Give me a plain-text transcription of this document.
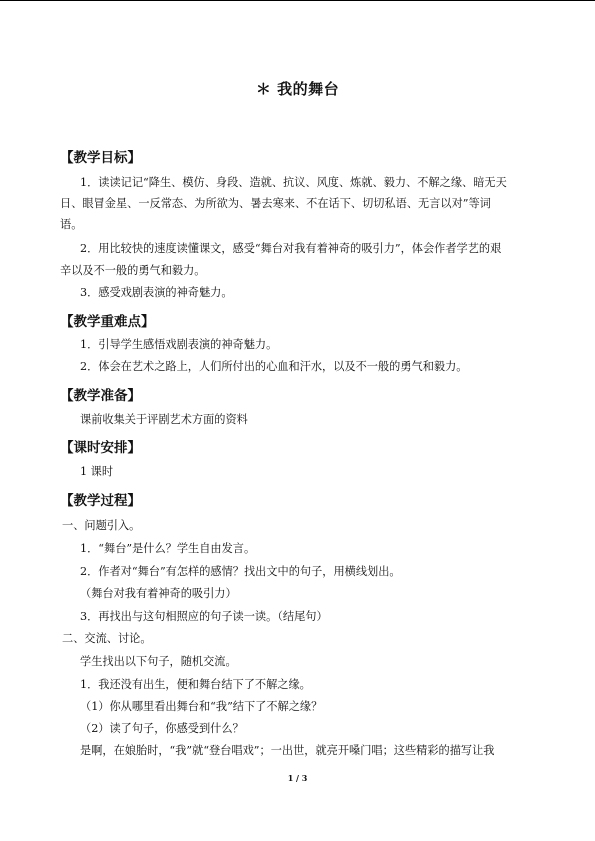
＊ 我的舞台
【教学目标】
1．读读记记“降生、模仿、身段、造就、抗议、风度、炼就、毅力、不解之缘、暗无天
日、眼冒金星、一反常态、为所欲为、暑去寒来、不在话下、切切私语、无言以对”等词
语。
2．用比较快的速度读懂课文，感受“舞台对我有着神奇的吸引力”，体会作者学艺的艰
辛以及不一般的勇气和毅力。
3．感受戏剧表演的神奇魅力。
【教学重难点】
1．引导学生感悟戏剧表演的神奇魅力。
2．体会在艺术之路上，人们所付出的心血和汗水，以及不一般的勇气和毅力。
【教学准备】
课前收集关于评剧艺术方面的资料
【课时安排】
1 课时
【教学过程】
一、问题引入。
1．“舞台”是什么？学生自由发言。
2．作者对“舞台”有怎样的感情？找出文中的句子，用横线划出。
（舞台对我有着神奇的吸引力）
3．再找出与这句相照应的句子读一读。（结尾句）
二、交流、讨论。
学生找出以下句子，随机交流。
1．我还没有出生，便和舞台结下了不解之缘。
（1）你从哪里看出舞台和“我”结下了不解之缘？
（2）读了句子，你感受到什么？
是啊，在娘胎时，“我”就“登台唱戏”；一出世，就亮开嗓门唱；这些精彩的描写让我
1 / 3
